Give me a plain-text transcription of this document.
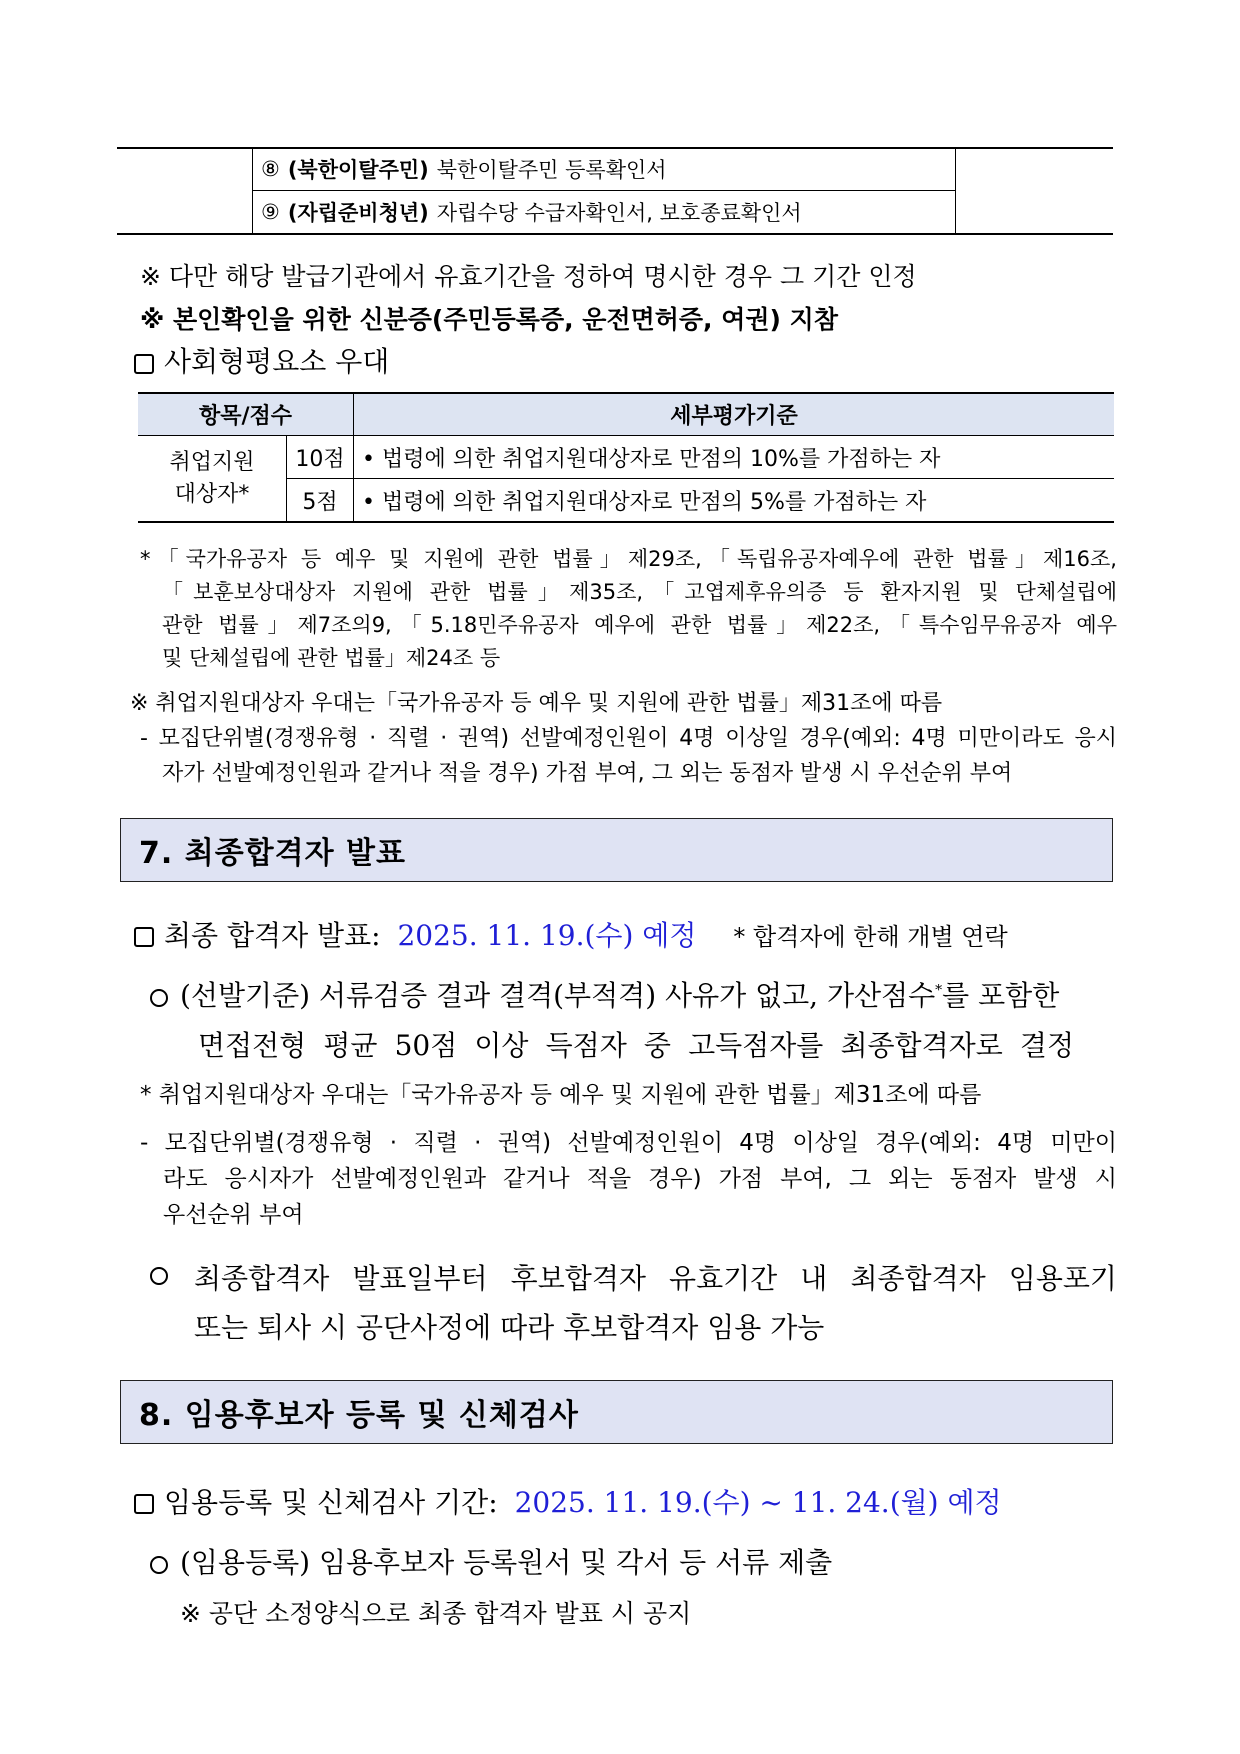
⑧ (북한이탈주민) 북한이탈주민 등록확인서
⑨ (자립준비청년) 자립수당 수급자확인서, 보호종료확인서
※ 다만 해당 발급기관에서 유효기간을 정하여 명시한 경우 그 기간 인정
※ 본인확인을 위한 신분증(주민등록증, 운전면허증, 여권) 지참
사회형평요소 우대
항목/점수	세부평가기준
취업지원
대상자*
10점 • 법령에 의한 취업지원대상자로 만점의 10%를 가점하는 자
5점	• 법령에 의한 취업지원대상자로 만점의 5%를 가점하는 자
*「국가유공자 등 예우 및 지원에 관한 법률」제29조,「독립유공자예우에 관한 법률」제16조,
「보훈보상대상자 지원에 관한 법률」제35조,「고엽제후유의증 등 환자지원 및 단체설립에
관한 법률」제7조의9,「5.18민주유공자 예우에 관한 법률」제22조,「특수임무유공자 예우
및 단체설립에 관한 법률」제24조 등
※ 취업지원대상자 우대는「국가유공자 등 예우 및 지원에 관한 법률」제31조에 따름
- 모집단위별(경쟁유형 · 직렬 · 권역) 선발예정인원이 4명 이상일 경우(예외: 4명 미만이라도 응시
자가 선발예정인원과 같거나 적을 경우) 가점 부여, 그 외는 동점자 발생 시 우선순위 부여
7. 최종합격자 발표
최종 합격자 발표: 2025. 11. 19.(수) 예정 * 합격자에 한해 개별 연락
(선발기준) 서류검증 결과 결격(부적격) 사유가 없고, 가산점수*를 포함한
면접전형 평균 50점 이상 득점자 중 고득점자를 최종합격자로 결정
* 취업지원대상자 우대는「국가유공자 등 예우 및 지원에 관한 법률」제31조에 따름
- 모집단위별(경쟁유형 · 직렬 · 권역) 선발예정인원이 4명 이상일 경우(예외: 4명 미만이
라도 응시자가 선발예정인원과 같거나 적을 경우) 가점 부여, 그 외는 동점자 발생 시
우선순위 부여
최종합격자 발표일부터 후보합격자 유효기간 내 최종합격자 임용포기
또는 퇴사 시 공단사정에 따라 후보합격자 임용 가능
8. 임용후보자 등록 및 신체검사
임용등록 및 신체검사 기간: 2025. 11. 19.(수) ~ 11. 24.(월) 예정
(임용등록) 임용후보자 등록원서 및 각서 등 서류 제출
※ 공단 소정양식으로 최종 합격자 발표 시 공지
